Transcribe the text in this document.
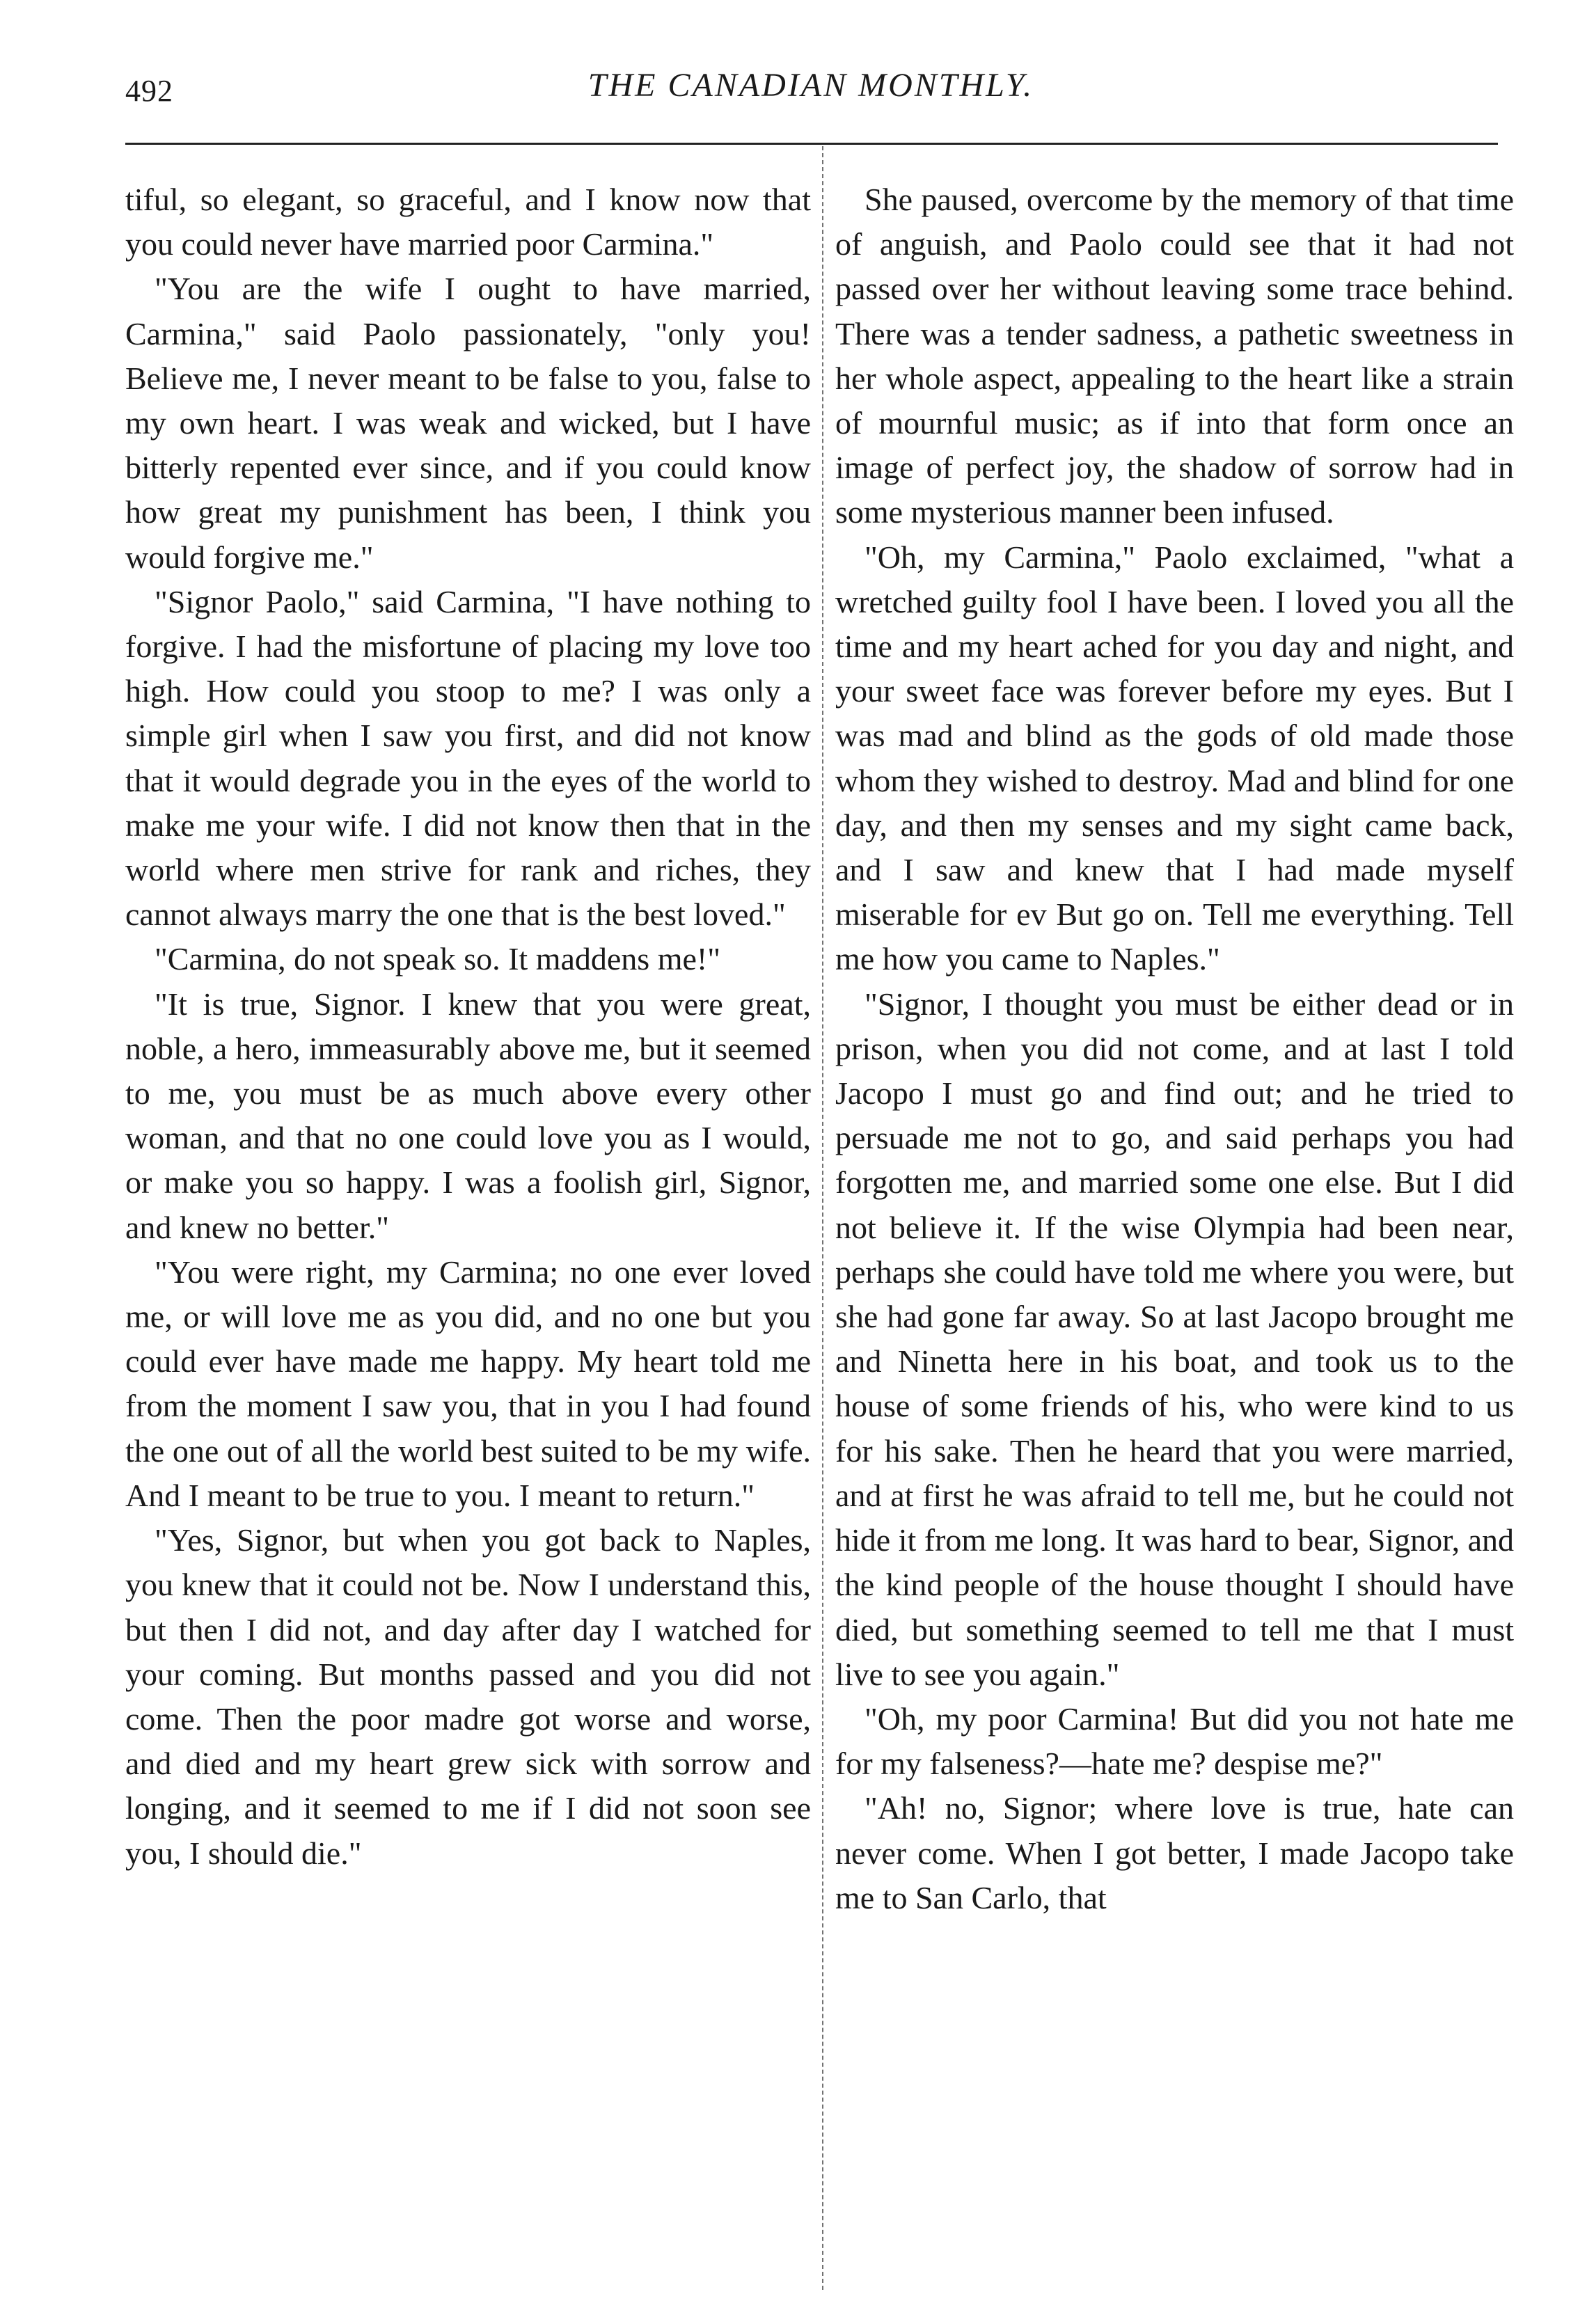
492	THE CANADIAN MONTHLY.

tiful, so elegant, so graceful, and I know now that you could never have married poor Carmina."

"You are the wife I ought to have married, Carmina," said Paolo passionately, "only you! Believe me, I never meant to be false to you, false to my own heart. I was weak and wicked, but I have bitterly repented ever since, and if you could know how great my punishment has been, I think you would forgive me."

"Signor Paolo," said Carmina, "I have nothing to forgive. I had the misfortune of placing my love too high. How could you stoop to me? I was only a simple girl when I saw you first, and did not know that it would degrade you in the eyes of the world to make me your wife. I did not know then that in the world where men strive for rank and riches, they cannot always marry the one that is the best loved."

"Carmina, do not speak so. It maddens me!"

"It is true, Signor. I knew that you were great, noble, a hero, immeasurably above me, but it seemed to me, you must be as much above every other woman, and that no one could love you as I would, or make you so happy. I was a foolish girl, Signor, and knew no better."

"You were right, my Carmina; no one ever loved me, or will love me as you did, and no one but you could ever have made me happy. My heart told me from the moment I saw you, that in you I had found the one out of all the world best suited to be my wife. And I meant to be true to you. I meant to return."

"Yes, Signor, but when you got back to Naples, you knew that it could not be. Now I understand this, but then I did not, and day after day I watched for your coming. But months passed and you did not come. Then the poor madre got worse and worse, and died and my heart grew sick with sorrow and longing, and it seemed to me if I did not soon see you, I should die."

She paused, overcome by the memory of that time of anguish, and Paolo could see that it had not passed over her without leaving some trace behind. There was a tender sadness, a pathetic sweetness in her whole aspect, appealing to the heart like a strain of mournful music; as if into that form once an image of perfect joy, the shadow of sorrow had in some mysterious manner been infused.

"Oh, my Carmina," Paolo exclaimed, "what a wretched guilty fool I have been. I loved you all the time and my heart ached for you day and night, and your sweet face was forever before my eyes. But I was mad and blind as the gods of old made those whom they wished to destroy. Mad and blind for one day, and then my senses and my sight came back, and I saw and knew that I had made myself miserable for ev But go on. Tell me everything. Tell me how you came to Naples."

"Signor, I thought you must be either dead or in prison, when you did not come, and at last I told Jacopo I must go and find out; and he tried to persuade me not to go, and said perhaps you had forgotten me, and married some one else. But I did not believe it. If the wise Olympia had been near, perhaps she could have told me where you were, but she had gone far away. So at last Jacopo brought me and Ninetta here in his boat, and took us to the house of some friends of his, who were kind to us for his sake. Then he heard that you were married, and at first he was afraid to tell me, but he could not hide it from me long. It was hard to bear, Signor, and the kind people of the house thought I should have died, but something seemed to tell me that I must live to see you again."

"Oh, my poor Carmina! But did you not hate me for my falseness?—hate me? despise me?"

"Ah! no, Signor; where love is true, hate can never come. When I got better, I made Jacopo take me to San Carlo, that
